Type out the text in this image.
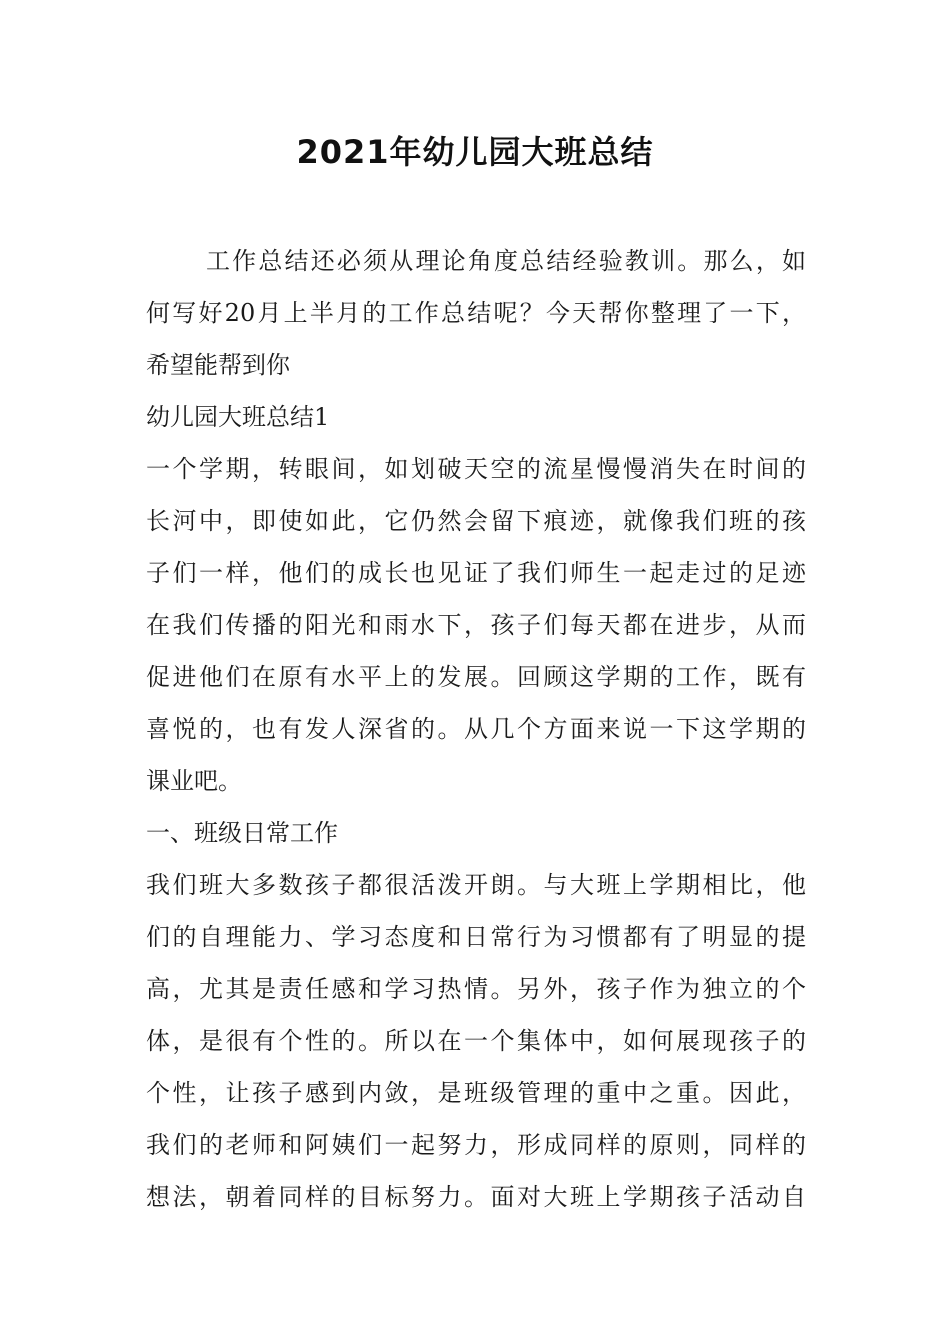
2021年幼儿园大班总结
工作总结还必须从理论角度总结经验教训。那么，如
何写好20月上半月的工作总结呢？今天帮你整理了一下，
希望能帮到你
幼儿园大班总结1
一个学期，转眼间，如划破天空的流星慢慢消失在时间的
长河中，即使如此，它仍然会留下痕迹，就像我们班的孩
子们一样，他们的成长也见证了我们师生一起走过的足迹
在我们传播的阳光和雨水下，孩子们每天都在进步，从而
促进他们在原有水平上的发展。回顾这学期的工作，既有
喜悦的，也有发人深省的。从几个方面来说一下这学期的
课业吧。
一、班级日常工作
我们班大多数孩子都很活泼开朗。与大班上学期相比，他
们的自理能力、学习态度和日常行为习惯都有了明显的提
高，尤其是责任感和学习热情。另外，孩子作为独立的个
体，是很有个性的。所以在一个集体中，如何展现孩子的
个性，让孩子感到内敛，是班级管理的重中之重。因此，
我们的老师和阿姨们一起努力，形成同样的原则，同样的
想法，朝着同样的目标努力。面对大班上学期孩子活动自
